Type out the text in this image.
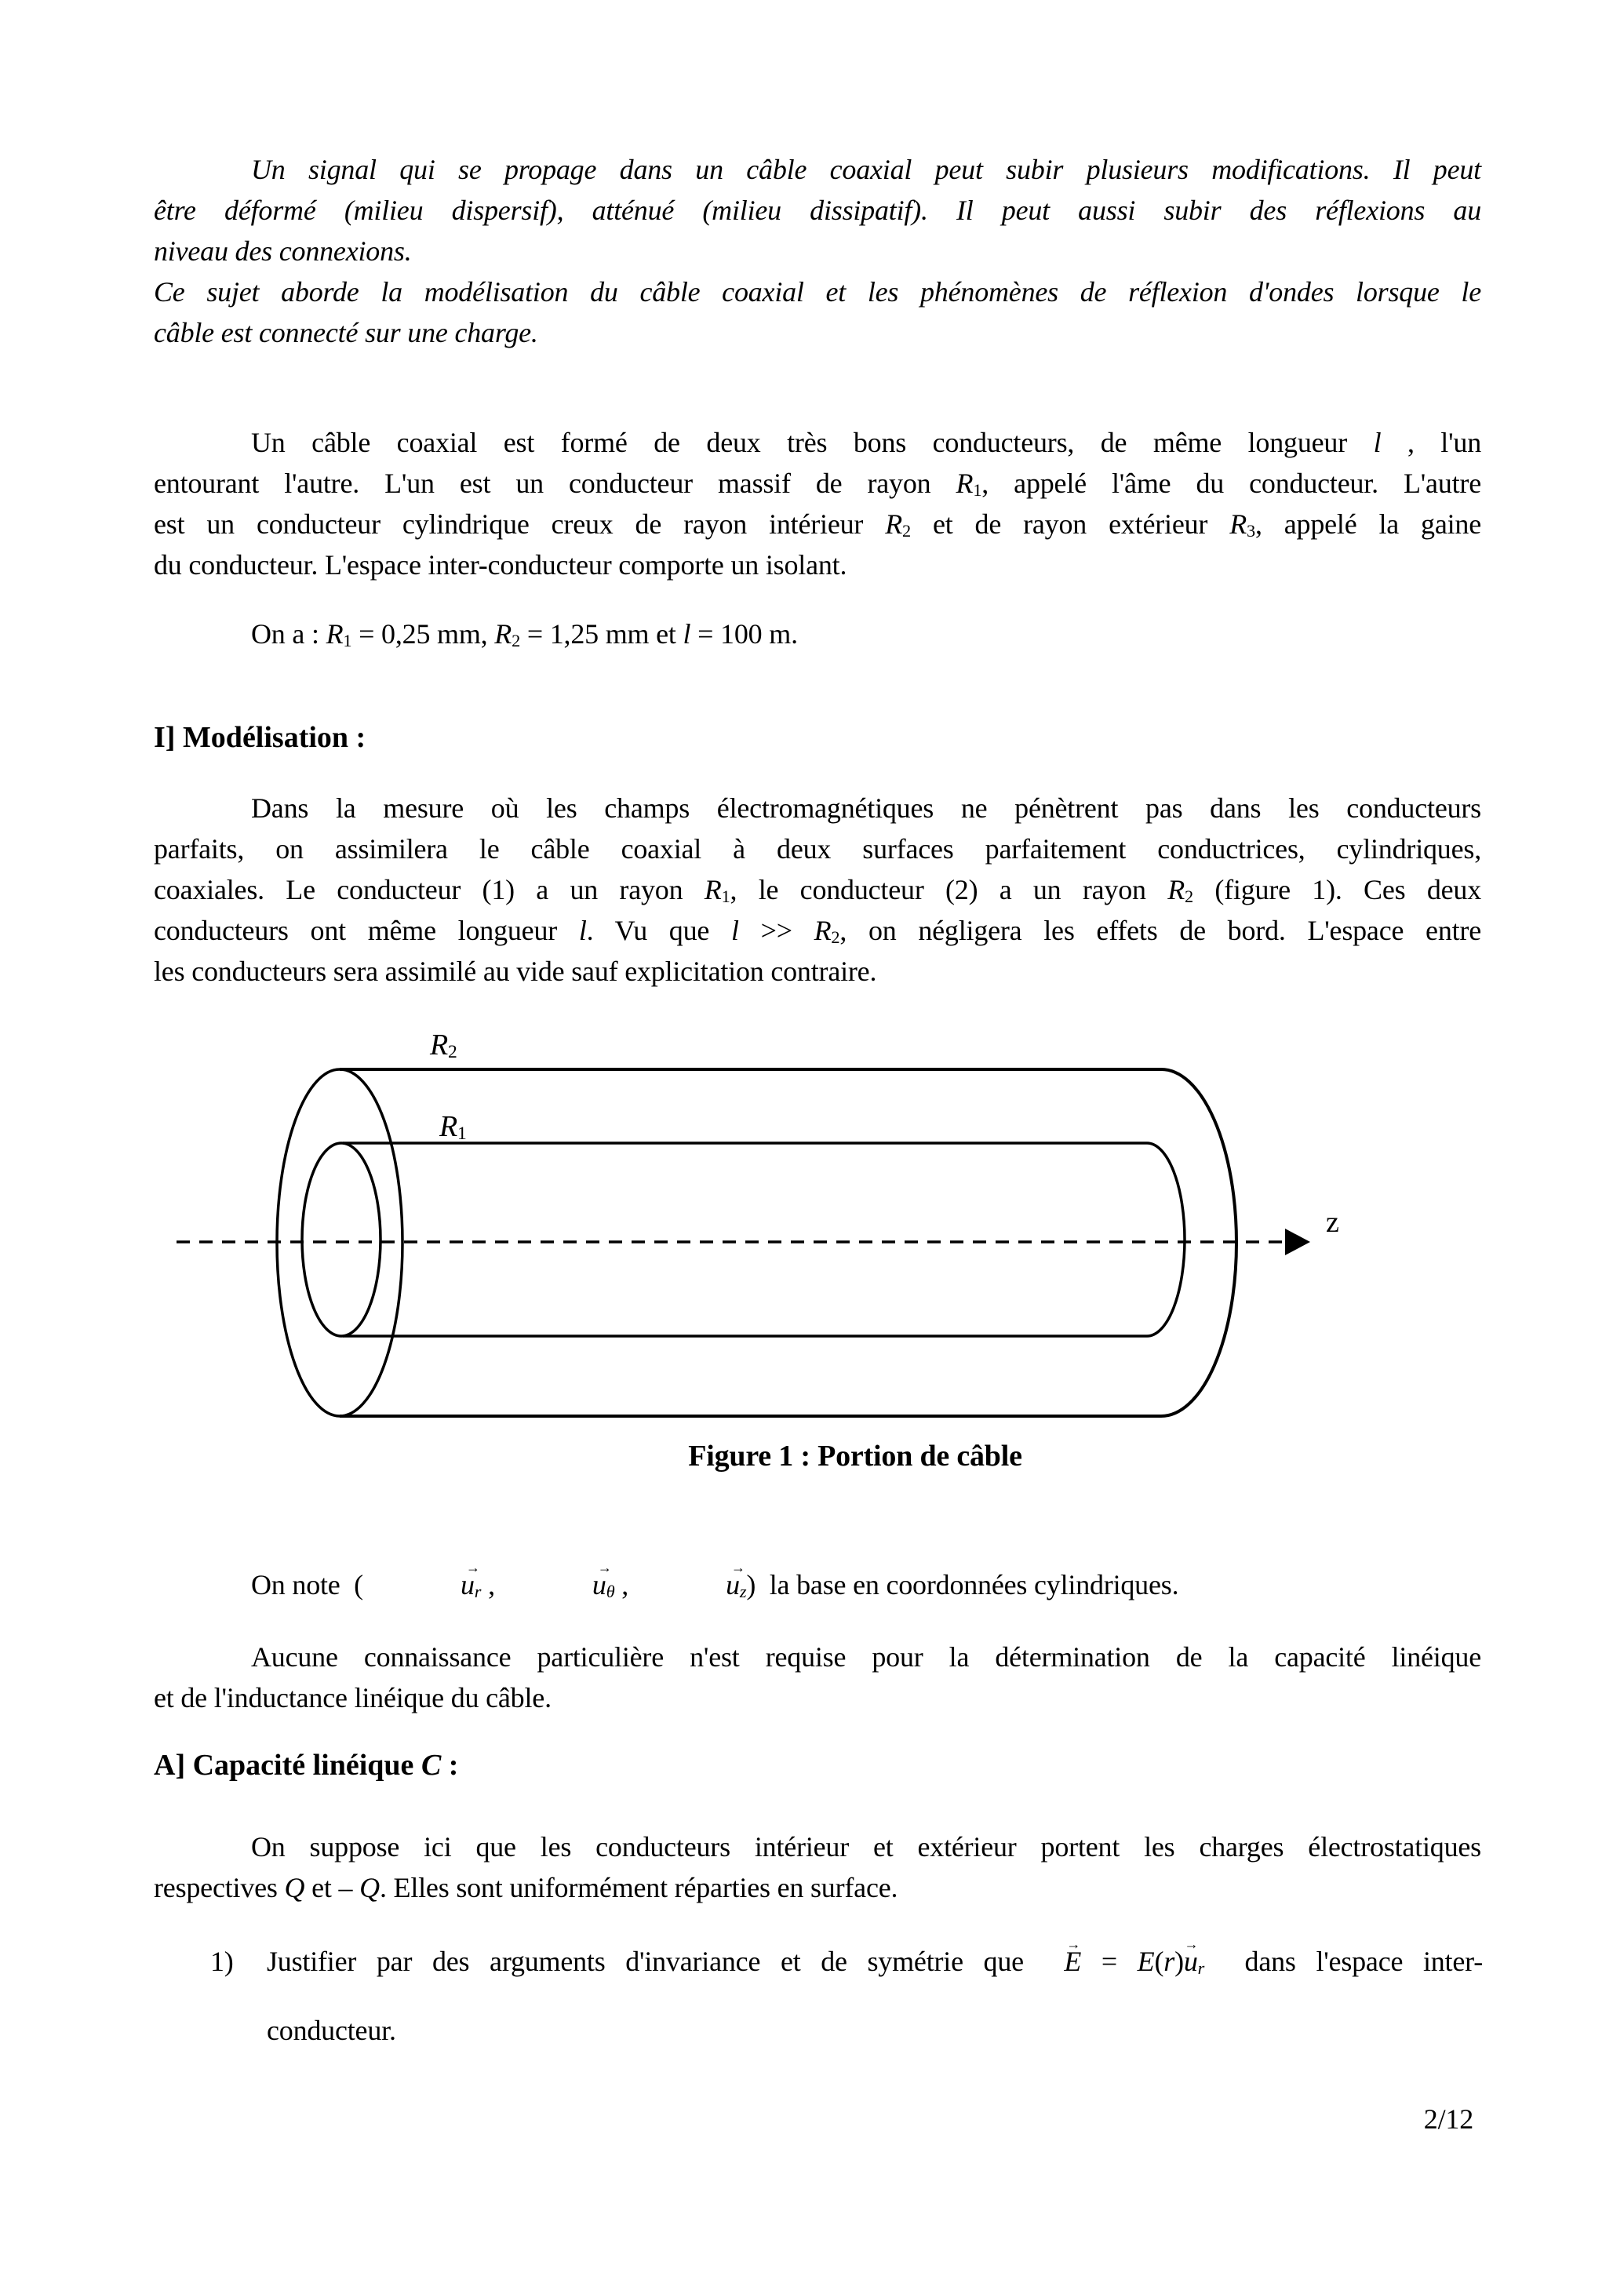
Un signal qui se propage dans un câble coaxial peut subir plusieurs modifications. Il peut
être déformé (milieu dispersif), atténué (milieu dissipatif). Il peut aussi subir des réflexions au
niveau des connexions.
Ce sujet aborde la modélisation du câble coaxial et les phénomènes de réflexion d'ondes lorsque le
câble est connecté sur une charge.
Un câble coaxial est formé de deux très bons conducteurs, de même longueur l , l'un
entourant l'autre. L'un est un conducteur massif de rayon $R_1$, appelé l'âme du conducteur. L'autre
est un conducteur cylindrique creux de rayon intérieur $R_2$ et de rayon extérieur $R_3$, appelé la gaine
du conducteur. L'espace inter-conducteur comporte un isolant.
On a : $R_1 = 0,25$ mm, $R_2 = 1,25$ mm et l = 100 m.
I] Modélisation :
Dans la mesure où les champs électromagnétiques ne pénètrent pas dans les conducteurs
parfaits, on assimilera le câble coaxial à deux surfaces parfaitement conductrices, cylindriques,
coaxiales. Le conducteur (1) a un rayon $R_1$, le conducteur (2) a un rayon $R_2$ (figure 1). Ces deux
conducteurs ont même longueur l. Vu que $l >> R_2$, on négligera les effets de bord. L'espace entre
les conducteurs sera assimilé au vide sauf explicitation contraire.
$R_2$
$R_1$
z
Figure 1 : Portion de câble
On note  (	$u \to_r$ ,	$u \to_\theta$ ,	$u \to_z$)  la base en coordonnées cylindriques.
Aucune connaissance particulière n'est requise pour la détermination de la capacité linéique
et de l'inductance linéique du câble.
A] Capacité linéique C :
On suppose ici que les conducteurs intérieur et extérieur portent les charges électrostatiques
respectives Q et – Q. Elles sont uniformément réparties en surface.
1) Justifier par des arguments d'invariance et de symétrie que  E → = $E(r)u \to_r$  dans l'espace inter-
conducteur.
2/12
